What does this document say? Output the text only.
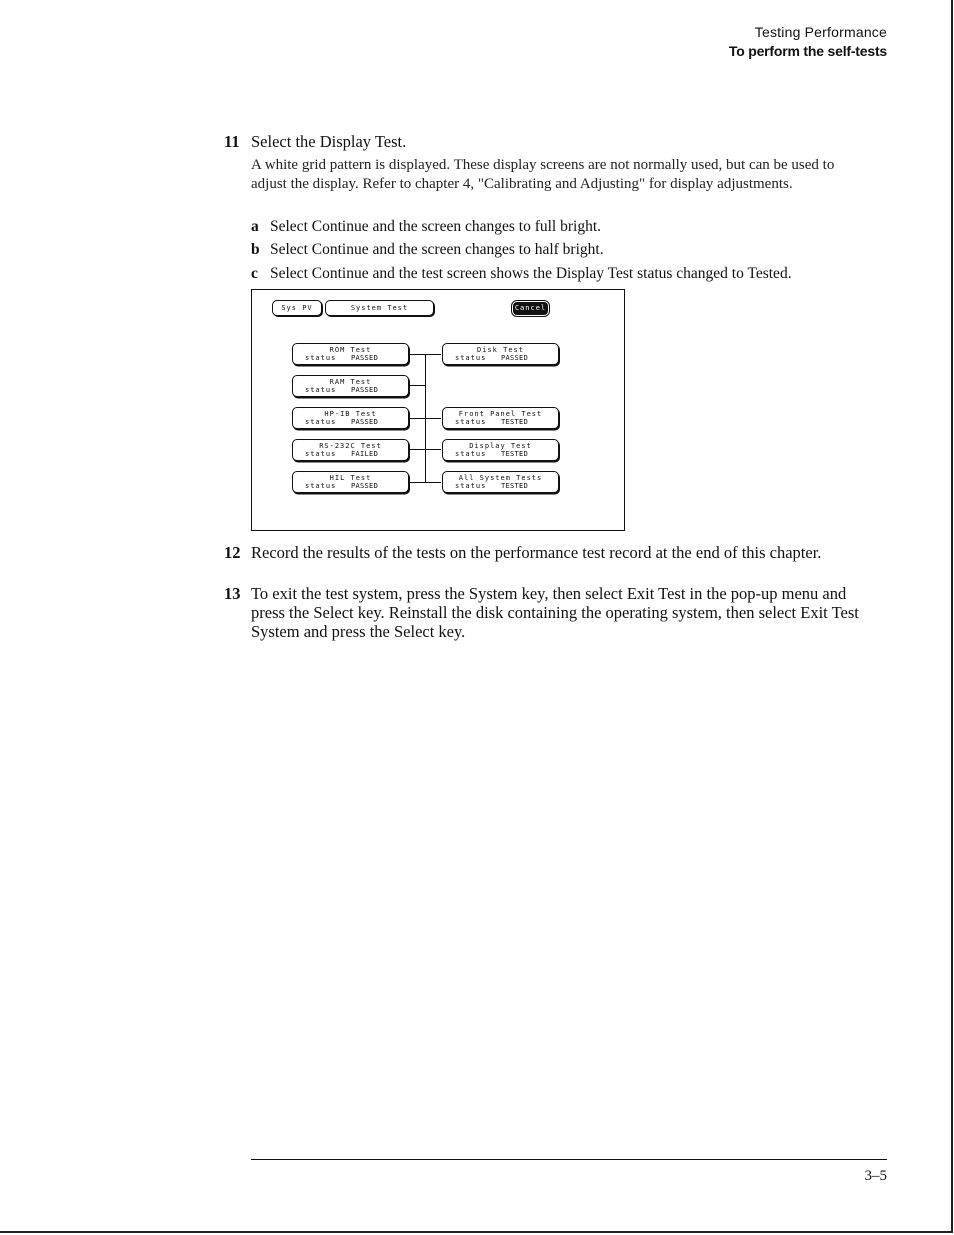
Testing Performance
To perform the self-tests
11 Select the Display Test.
A white grid pattern is displayed. These display screens are not normally used, but can be used to adjust the display. Refer to chapter 4, "Calibrating and Adjusting" for display adjustments.
a Select Continue and the screen changes to full bright.
b Select Continue and the screen changes to half bright.
c Select Continue and the test screen shows the Display Test status changed to Tested.
Sys PV	System Test	Cancel
ROM Test
status PASSED
RAM Test
status PASSED
HP-IB Test
status PASSED
RS-232C Test
status FAILED
HIL Test
status PASSED
Disk Test
status PASSED
Front Panel Test
status TESTED
Display Test
status TESTED
All System Tests
status TESTED
12 Record the results of the tests on the performance test record at the end of this chapter.
13 To exit the test system, press the System key, then select Exit Test in the pop-up menu and press the Select key. Reinstall the disk containing the operating system, then select Exit Test System and press the Select key.
3–5
